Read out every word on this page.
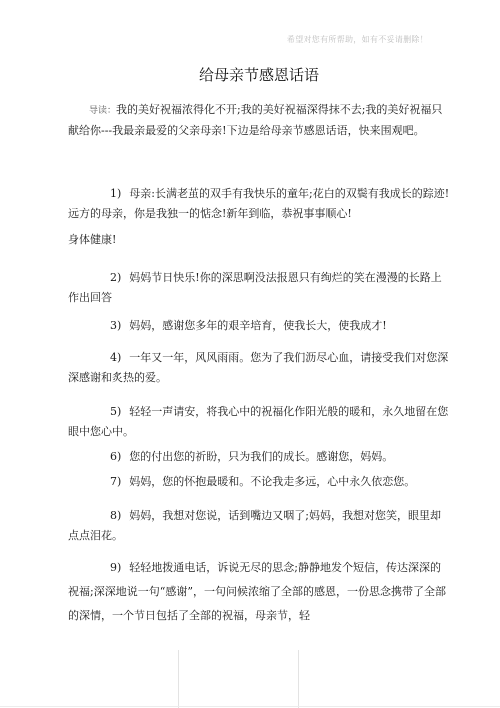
希望对您有所帮助，如有不妥请删除！
给母亲节感恩话语
导读：我的美好祝福浓得化不开;我的美好祝福深得抹不去;我的美好祝福只献给你---我最亲最爱的父亲母亲!下边是给母亲节感恩话语，快来围观吧。
1) 母亲:长满老茧的双手有我快乐的童年;花白的双鬓有我成长的踪迹!远方的母亲，你是我独一的惦念!新年到临，恭祝事事顺心!
身体健康!
2) 妈妈节日快乐!你的深思啊没法报恩只有绚烂的笑在漫漫的长路上作出回答
3) 妈妈，感谢您多年的艰辛培育，使我长大，使我成才!
4) 一年又一年，风风雨雨。您为了我们沥尽心血，请接受我们对您深深感谢和炙热的爱。
5) 轻轻一声请安，将我心中的祝福化作阳光般的暖和，永久地留在您眼中您心中。
6) 您的付出您的祈盼，只为我们的成长。感谢您，妈妈。
7) 妈妈，您的怀抱最暖和。不论我走多远，心中永久依恋您。
8) 妈妈，我想对您说，话到嘴边又咽了;妈妈，我想对您笑，眼里却点点泪花。
9) 轻轻地拨通电话，诉说无尽的思念;静静地发个短信，传达深深的祝福;深深地说一句“感谢”，一句问候浓缩了全部的感恩，一份思念携带了全部的深情，一个节日包括了全部的祝福，母亲节，轻
